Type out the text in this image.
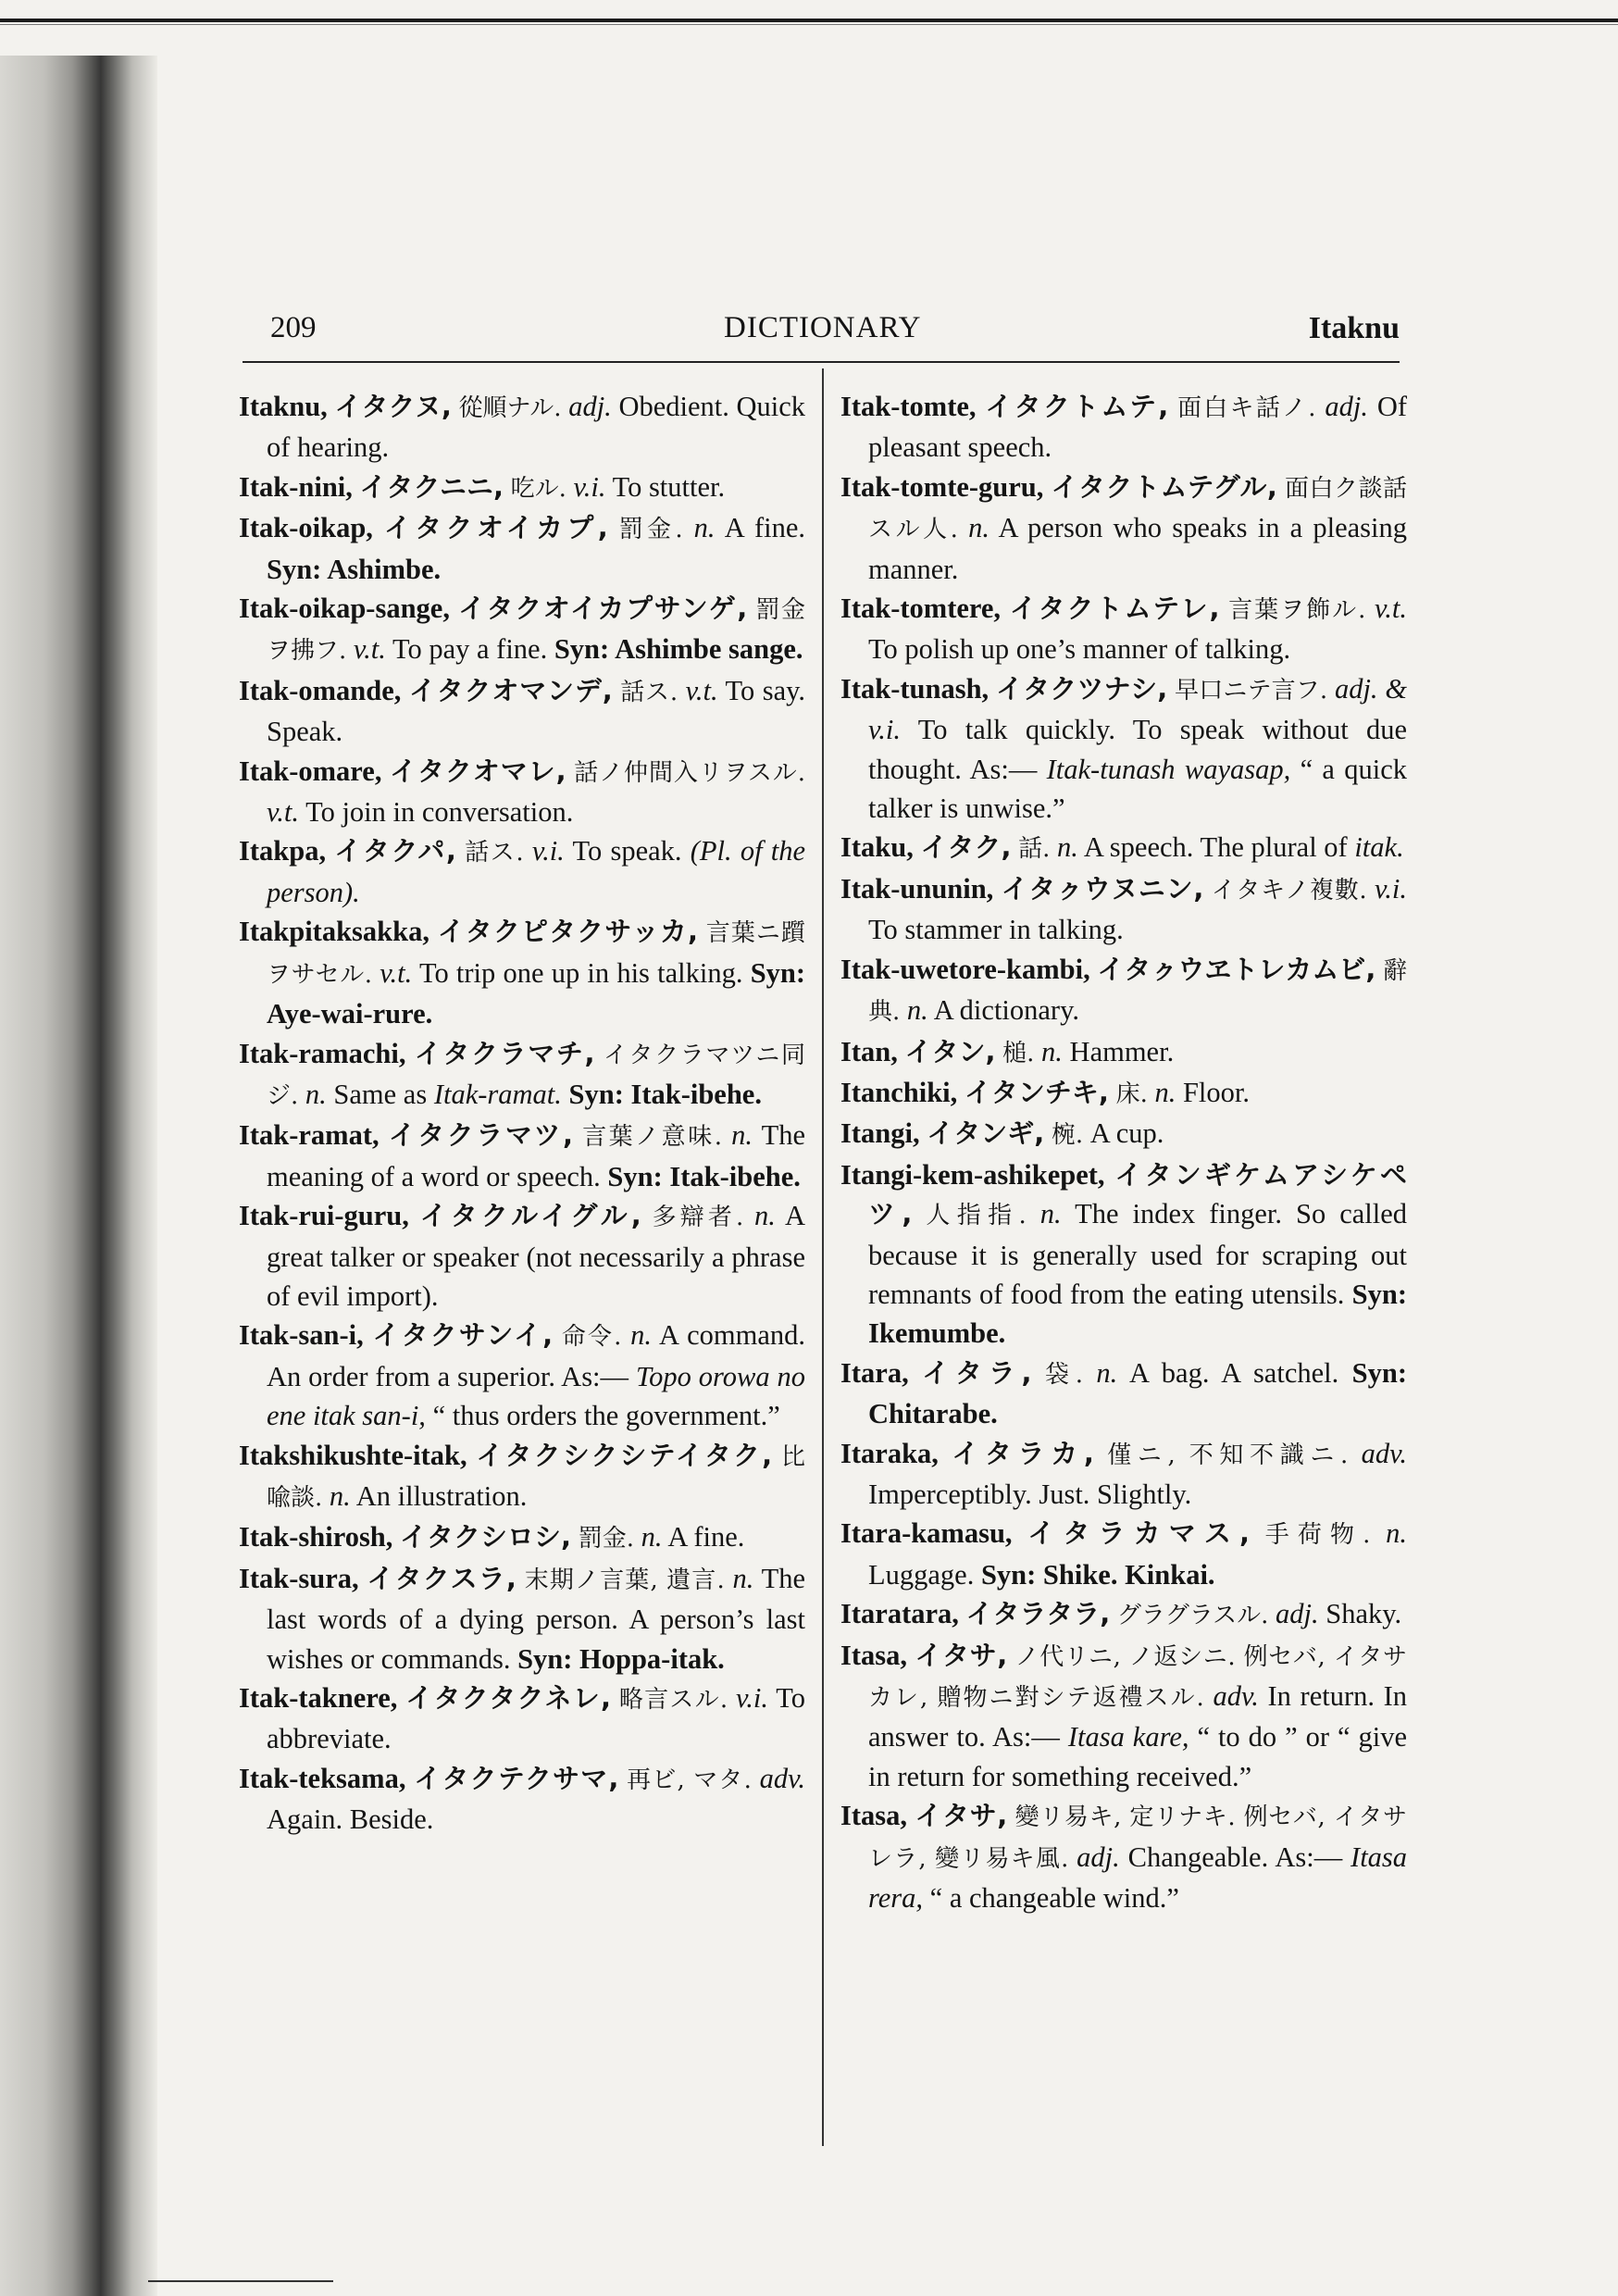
209	DICTIONARY	Itaknu

Itaknu, イタクヌ, 從順ナル. adj. Obedient. Quick of hearing.

Itak-nini, イタクニニ, 吃ル. v.i. To stutter.

Itak-oikap, イタクオイカプ, 罰金. n. A fine. Syn: Ashimbe.

Itak-oikap-sange, イタクオイカプサンゲ, 罰金ヲ拂フ. v.t. To pay a fine. Syn: Ashimbe sange.

Itak-omande, イタクオマンデ, 話ス. v.t. To say. Speak.

Itak-omare, イタクオマレ, 話ノ仲間入リヲスル. v.t. To join in conversation.

Itakpa, イタクパ, 話ス. v.i. To speak. (Pl. of the person).

Itakpitaksakka, イタクピタクサッカ, 言葉ニ躓ヲサセル. v.t. To trip one up in his talking. Syn: Aye-wai-rure.

Itak-ramachi, イタクラマチ, イタクラマツニ同ジ. n. Same as Itak-ramat. Syn: Itak-ibehe.

Itak-ramat, イタクラマツ, 言葉ノ意味. n. The meaning of a word or speech. Syn: Itak-ibehe.

Itak-rui-guru, イタクルイグル, 多辯者. n. A great talker or speaker (not necessarily a phrase of evil import).

Itak-san-i, イタクサンイ, 命令. n. A command. An order from a superior. As:— Topo orowa no ene itak san-i, “ thus orders the government.”

Itakshikushte-itak, イタクシクシテイタク, 比喩談. n. An illustration.

Itak-shirosh, イタクシロシ, 罰金. n. A fine.

Itak-sura, イタクスラ, 末期ノ言葉, 遺言. n. The last words of a dying person. A person’s last wishes or commands. Syn: Hoppa-itak.

Itak-taknere, イタクタクネレ, 略言スル. v.i. To abbreviate.

Itak-teksama, イタクテクサマ, 再ビ, マタ. adv. Again. Beside.

Itak-tomte, イタクトムテ, 面白キ話ノ. adj. Of pleasant speech.

Itak-tomte-guru, イタクトムテグル, 面白ク談話スル人. n. A person who speaks in a pleasing manner.

Itak-tomtere, イタクトムテレ, 言葉ヲ飾ル. v.t. To polish up one’s manner of talking.

Itak-tunash, イタクツナシ, 早口ニテ言フ. adj. & v.i. To talk quickly. To speak without due thought. As:— Itak-tunash wayasap, “ a quick talker is unwise.”

Itaku, イタク, 話. n. A speech. The plural of itak.

Itak-ununin, イタㇰウヌニン, イタキノ複數. v.i. To stammer in talking.

Itak-uwetore-kambi, イタㇰウヱトレカムビ, 辭典. n. A dictionary.

Itan, イタン, 槌. n. Hammer.

Itanchiki, イタンチキ, 床. n. Floor.

Itangi, イタンギ, 椀. A cup.

Itangi-kem-ashikepet, イタンギケムアシケペツ, 人指指. n. The index finger. So called because it is generally used for scraping out remnants of food from the eating utensils. Syn: Ikemumbe.

Itara, イタラ, 袋. n. A bag. A satchel. Syn: Chitarabe.

Itaraka, イタラカ, 僅ニ, 不知不識ニ. adv. Imperceptibly. Just. Slightly.

Itara-kamasu, イタラカマス, 手荷物. n. Luggage. Syn: Shike. Kinkai.

Itaratara, イタラタラ, グラグラスル. adj. Shaky.

Itasa, イタサ, ノ代リニ, ノ返シニ. 例セバ, イタサカレ, 贈物ニ對シテ返禮スル. adv. In return. In answer to. As:— Itasa kare, “ to do ” or “ give in return for something received.”

Itasa, イタサ, 變リ易キ, 定リナキ. 例セバ, イタサレラ, 變リ易キ風. adj. Changeable. As:— Itasa rera, “ a changeable wind.”
